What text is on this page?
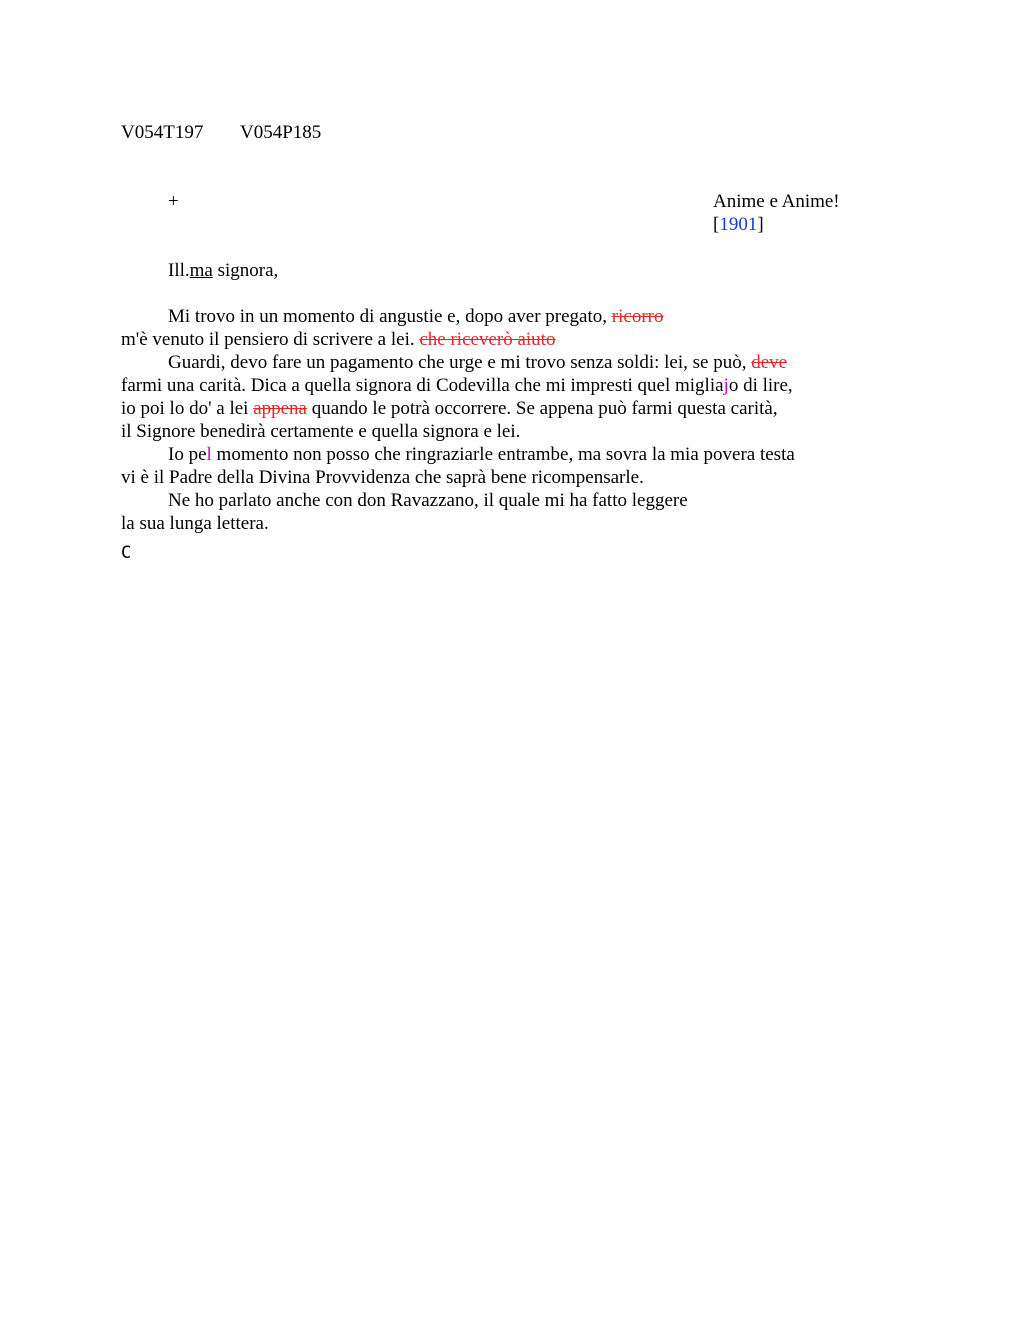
V054T197 V054P185
+	Anime e Anime!
[1901]
Ill.ma signora,
Mi trovo in un momento di angustie e, dopo aver pregato, ricorro
m'è venuto il pensiero di scrivere a lei. che riceverò aiuto
Guardi, devo fare un pagamento che urge e mi trovo senza soldi: lei, se può, deve
farmi una carità. Dica a quella signora di Codevilla che mi impresti quel migliajo di lire,
io poi lo do' a lei appena quando le potrà occorrere. Se appena può farmi questa carità,
il Signore benedirà certamente e quella signora e lei.
Io pel momento non posso che ringraziarle entrambe, ma sovra la mia povera testa
vi è il Padre della Divina Provvidenza che saprà bene ricompensarle.
Ne ho parlato anche con don Ravazzano, il quale mi ha fatto leggere
la sua lunga lettera.
C
